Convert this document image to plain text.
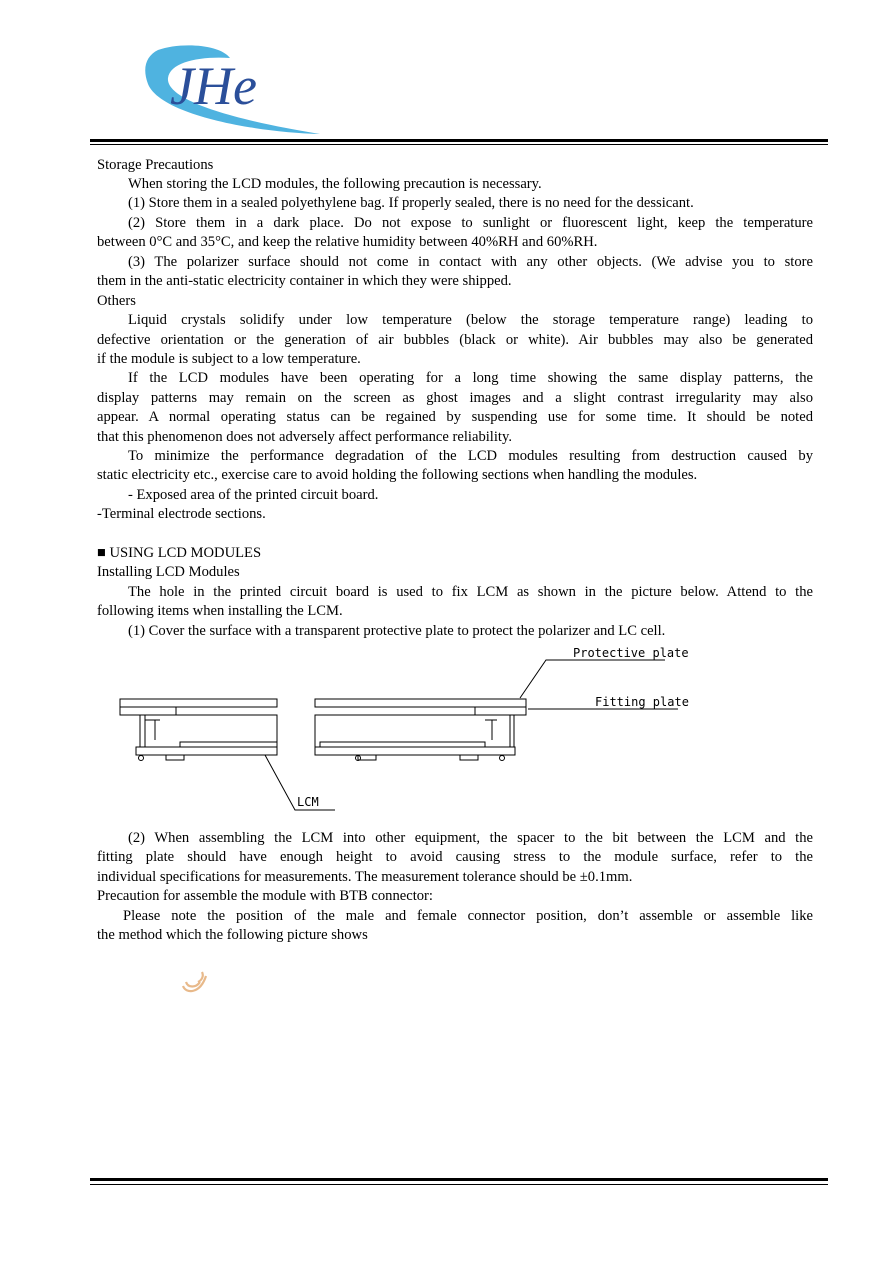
JHe
Storage Precautions
When storing the LCD modules, the following precaution is necessary.
(1) Store them in a sealed polyethylene bag. If properly sealed, there is no need for the dessicant.
(2) Store them in a dark place. Do not expose to sunlight or fluorescent light, keep the temperature
between 0°C and 35°C, and keep the relative humidity between 40%RH and 60%RH.
(3) The polarizer surface should not come in contact with any other objects. (We advise you to store
them in the anti-static electricity container in which they were shipped.
Others
Liquid crystals solidify under low temperature (below the storage temperature range) leading to
defective orientation or the generation of air bubbles (black or white). Air bubbles may also be generated
if the module is subject to a low temperature.
If the LCD modules have been operating for a long time showing the same display patterns, the
display patterns may remain on the screen as ghost images and a slight contrast irregularity may also
appear. A normal operating status can be regained by suspending use for some time. It should be noted
that this phenomenon does not adversely affect performance reliability.
To minimize the performance degradation of the LCD modules resulting from destruction caused by
static electricity etc., exercise care to avoid holding the following sections when handling the modules.
- Exposed area of the printed circuit board.
-Terminal electrode sections.
■ USING LCD MODULES
Installing LCD Modules
The hole in the printed circuit board is used to fix LCM as shown in the picture below. Attend to the
following items when installing the LCM.
(1) Cover the surface with a transparent protective plate to protect the polarizer and LC cell.
Protective plate
Fitting plate
LCM
(2) When assembling the LCM into other equipment, the spacer to the bit between the LCM and the
fitting plate should have enough height to avoid causing stress to the module surface, refer to the
individual specifications for measurements. The measurement tolerance should be ±0.1mm.
Precaution for assemble the module with BTB connector:
Please note the position of the male and female connector position, don’t assemble or assemble like
the method which the following picture shows
